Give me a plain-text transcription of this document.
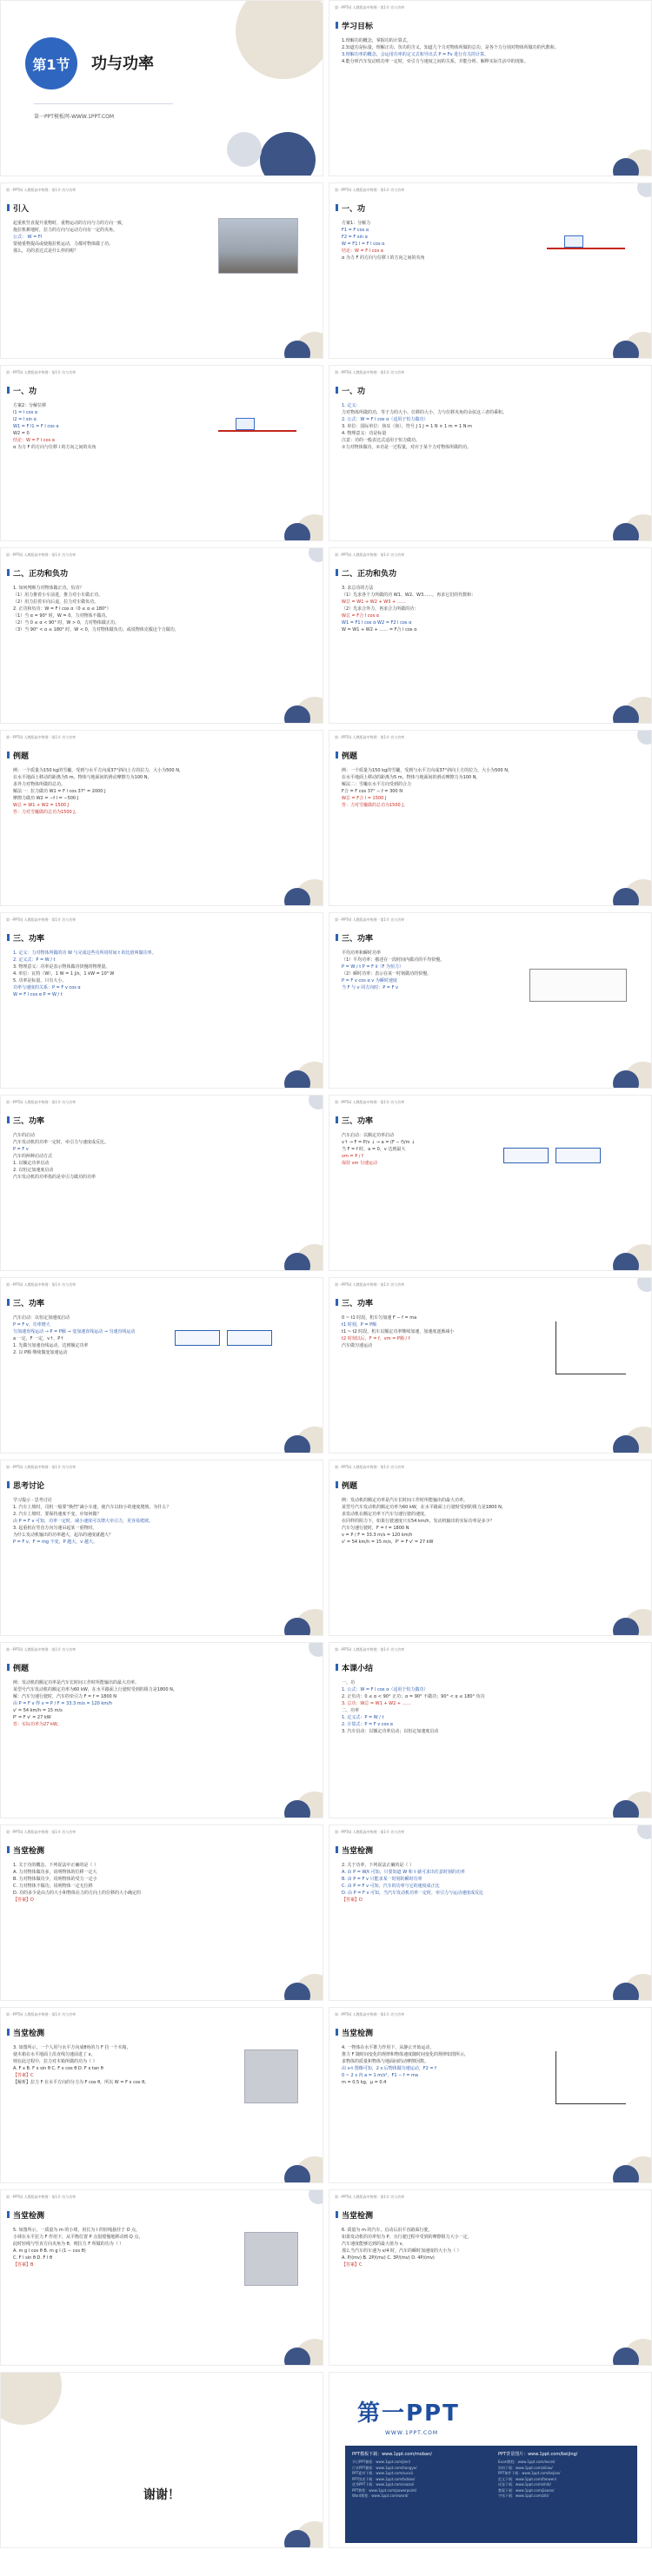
第1节	功与功率
第一PPT模板网-WWW.1PPT.COM
第一PPT网 人教版高中物理 · 第1节 功与功率
学习目标
1.理解功的概念，掌握功的计算式。
2.知道功是标量，理解正功、负功的含义，知道几个力对物体所做的总功，是各个力分别对物体所做功的代数和。
3.理解功率的概念，会运用功率的定义式和导出式 P = Fv 进行有关的计算。
4.能分析汽车发动机功率一定时，牵引力与速度之间的关系，并能分析、解释实际生活中的现象。
第一PPT网 人教版高中物理 · 第1节 功与功率
引入
起重机竖直提升重物时，重物运动的方向与力的方向一致，
拖拉机耕地时，拉力的方向与运动方向有一定的夹角。
公式： W = Fl
要使重物提高或使拖拉机运动，力都对物体做了功。
那么，功的表达式是什么样的呢？
第一PPT网 人教版高中物理 · 第1节 功与功率
一、功
方案1：分解力
F1 = F cos α
F2 = F sin α
W = F1 l = F l cos α
结论：W = F l cos α
α 为力 F 的方向与位移 l 的方向之间的夹角
第一PPT网 人教版高中物理 · 第1节 功与功率
一、功
方案2：分解位移
l1 = l cos α
l2 = l sin α
W1 = F l1 = F l cos α
W2 = 0
结论：W = F l cos α
α 为力 F 的方向与位移 l 的方向之间的夹角
第一PPT网 人教版高中物理 · 第1节 功与功率
一、功
1. 定义：
力对物体所做的功，等于力的大小、位移的大小、力与位移夹角的余弦这三者的乘积。
2. 公式：W = F l cos α（适用于恒力做功）
3. 单位：国际单位：焦耳（焦），符号 J 1 J = 1 N × 1 m = 1 N·m
4. 物理意义：功是标量
注意：功的一般表达式适用于恒力做功。
①力对物体做功，②功是一过程量，对应于某个力对物体所做的功。
第一PPT网 人教版高中物理 · 第1节 功与功率
二、正功和负功
1. 如何判断力对物体做正功、负功？
（1）用力推着小车前进，推力对小车做正功。
（2）用力拉着车向后退，拉力对车做负功。
2. 正功和负功：W = F l cos α（0 ≤ α ≤ 180°）
（1）当 α = 90° 时，W = 0，力对物体不做功。
（2）当 0 ≤ α < 90° 时，W > 0，力对物体做正功。
（3）当 90° < α ≤ 180° 时，W < 0，力对物体做负功，或说物体克服这个力做功。
第一PPT网 人教版高中物理 · 第1节 功与功率
二、正功和负功
3. 求总功的方法
（1）先求各个力所做的功 W1、W2、W3……，再求它们的代数和：
W总 = W1 + W2 + W3 + ……
（2）先求合外力，再求合力所做的功：
W总 = F合 l cos α
W1 = F1 l cos α W2 = F2 l cos α
W = W1 + W2 + …… = F合 l cos α
第一PPT网 人教版高中物理 · 第1节 功与功率
例题
例：一个质量为150 kg的雪橇，受到与水平方向成37°斜向上方的拉力，大小为500 N，
在水平地面上移动的距离为5 m。物体与地面间的滑动摩擦力为100 N。
求外力对物体所做的总功。
解法一：拉力做功 W1 = F l cos 37° = 2000 J
摩擦力做功 W2 = −f l = −500 J
W总 = W1 + W2 = 1500 J
答：力对雪橇做的总功为1500 J。
第一PPT网 人教版高中物理 · 第1节 功与功率
例题
例：一个质量为150 kg的雪橇，受到与水平方向成37°斜向上方的拉力，大小为500 N，
在水平地面上移动的距离为5 m。物体与地面间的滑动摩擦力为100 N。
解法二：雪橇在水平方向受到的合力
F合 = F cos 37° − f = 300 N
W总 = F合 l = 1500 J
答：力对雪橇做的总功为1500 J。
第一PPT网 人教版高中物理 · 第1节 功与功率
三、功率
1. 定义：力对物体所做的功 W 与完成这些功所用时间 t 的比值叫做功率。
2. 定义式：P = W / t
3. 物理意义：功率是表示物体做功快慢的物理量。
4. 单位：瓦特（W），1 W = 1 J/s，1 kW = 10³ W
5. 功率是标量，只有大小。
功率与速度的关系：P = F v cos α
W = F l cos α P = W / t
第一PPT网 人教版高中物理 · 第1节 功与功率
三、功率
平均功率和瞬时功率
（1）平均功率：描述在一段时间内做功的平均快慢。
P = W / t P = F v̄（F 为恒力）
（2）瞬时功率：表示在某一时刻做功的快慢。
P = F v cos α v 为瞬时速度
当 F 与 v 同方向时：P = F v
第一PPT网 人教版高中物理 · 第1节 功与功率
三、功率
汽车的启动
汽车发动机的功率一定时，牵引力与速度成反比。
P = F v
汽车的两种启动方式
1. 以额定功率启动
2. 以恒定加速度启动
汽车发动机的功率指的是牵引力做功的功率
第一PPT网 人教版高中物理 · 第1节 功与功率
三、功率
汽车启动：以额定功率启动
v↑ → F = P/v ↓ → a = (F − f)/m ↓
当 F = f 时，a = 0，v 达到最大
vm = P / f
保持 vm 匀速运动
第一PPT网 人教版高中物理 · 第1节 功与功率
三、功率
汽车启动：以恒定加速度启动
P = F v，功率增大
匀加速直线运动 → P = P额 → 变加速直线运动 → 匀速直线运动
a 一定，F 一定，v↑，P↑
1. 先做匀加速直线运动，达到额定功率
2. 以 P额 继续做变加速运动
第一PPT网 人教版高中物理 · 第1节 功与功率
三、功率
0 ~ t1 时段，机车匀加速 F − f = ma
t1 时刻，P = P额
t1 ~ t2 时段，机车以额定功率继续加速，加速度逐渐减小
t2 时刻以后，F = f，vm = P额 / f
汽车做匀速运动
第一PPT网 人教版高中物理 · 第1节 功与功率
思考讨论
学习提示 · 思考讨论
1. 汽车上坡时，司机一般要“换挡”减小车速，使汽车以较小的速度爬坡，为什么？
2. 汽车上坡时，要保持速度不变，应如何做？
由 P = F v 可知，功率一定时，减小速度可以增大牵引力，更容易爬坡。
3. 起重机在竖直方向匀速吊起某一重物时，
为什么发动机输出的功率越大，起吊的速度就越大？
P = F v，F = mg 不变，P 越大，v 越大。
第一PPT网 人教版高中物理 · 第1节 功与功率
例题
例：发动机的额定功率是汽车长时间工作时所能输出的最大功率。
某型号汽车发动机的额定功率为60 kW，在水平路面上行驶时受到的阻力是1800 N，
求发动机在额定功率下汽车匀速行驶的速度。
在同样的阻力下，如果行驶速度只有54 km/h，发动机输出的实际功率是多少？
汽车匀速行驶时，F = f = 1800 N
v = P / F = 33.3 m/s = 120 km/h
v' = 54 km/h = 15 m/s，P' = F v' = 27 kW
第一PPT网 人教版高中物理 · 第1节 功与功率
例题
例：发动机的额定功率是汽车长时间工作时所能输出的最大功率。
某型号汽车发动机的额定功率为60 kW，在水平路面上行驶时受到的阻力是1800 N。
解：汽车匀速行驶时，汽车的牵引力 F = f = 1800 N
由 P = F v 得 v = P / F = 33.3 m/s = 120 km/h
v' = 54 km/h = 15 m/s
P' = F v' = 27 kW
答：实际功率为27 kW。
第一PPT网 人教版高中物理 · 第1节 功与功率
本课小结
一、功
1. 公式：W = F l cos α（适用于恒力做功）
2. 正负功：0 ≤ α < 90° 正功；α = 90° 不做功；90° < α ≤ 180° 负功
3. 总功：W总 = W1 + W2 + ……
二、功率
1. 定义式：P = W / t
2. 计算式：P = F v cos α
3. 汽车启动：以额定功率启动；以恒定加速度启动
第一PPT网 人教版高中物理 · 第1节 功与功率
当堂检测
1. 关于功的概念，下列说法中正确的是（ ）
A. 力对物体做功多，说明物体的位移一定大
B. 力对物体做功少，说明物体的受力一定小
C. 力对物体不做功，说明物体一定无位移
D. 功的多少是由力的大小和物体在力的方向上的位移的大小确定的
【答案】D
第一PPT网 人教版高中物理 · 第1节 功与功率
当堂检测
2. 关于功率，下列说法正确的是（ ）
A. 由 P = W/t 可知，只要知道 W 和 t 就可求出任意时刻的功率
B. 由 P = F v 只能求某一时刻的瞬时功率
C. 由 P = F v 可知，汽车的功率与它的速度成正比
D. 由 P = F v 可知，当汽车发动机功率一定时，牵引力与运动速度成反比
【答案】D
第一PPT网 人教版高中物理 · 第1节 功与功率
当堂检测
3. 如图所示，一个人用与水平方向成θ角的力 F 拉一个木箱，
使木箱在水平地面上沿直线匀速前进了 x，
则在此过程中，拉力对木箱所做的功为（ ）
A. F x B. F x sin θ C. F x cos θ D. F x tan θ
【答案】C
【解析】拉力 F 在水平方向的分力为 F cos θ，所以 W = F x cos θ。
第一PPT网 人教版高中物理 · 第1节 功与功率
当堂检测
4. 一物体在水平推力作用下，从静止开始运动，
推力 F 随时间变化的规律和物体速度随时间变化的规律如图所示，
求物体的质量和物体与地面间的动摩擦因数。
由 v-t 图像可知，2 s 后物体做匀速运动，F2 = f
0 ~ 2 s 内 a = 1 m/s²，F1 − f = ma
m = 0.5 kg，μ = 0.4
第一PPT网 人教版高中物理 · 第1节 功与功率
当堂检测
5. 如图所示，一质量为 m 的小球，用长为 l 的轻绳悬挂于 O 点，
小球在水平拉力 F 作用下，从平衡位置 P 点很缓慢地移动到 Q 点，
此时轻绳与竖直方向夹角为 θ，则拉力 F 所做的功为（ ）
A. m g l cos θ B. m g l (1 − cos θ)
C. F l sin θ D. F l θ
【答案】B
第一PPT网 人教版高中物理 · 第1节 功与功率
当堂检测
6. 质量为 m 的汽车，启动后沿平直路面行驶，
如果发动机的功率恒为 P，且行驶过程中受到的摩擦阻力大小一定，
汽车速度能够达到的最大值为 v，
那么当汽车的车速为 v/4 时，汽车的瞬时加速度的大小为（ ）
A. P/(mv) B. 2P/(mv) C. 3P/(mv) D. 4P/(mv)
【答案】C
谢谢！
第一PPT
WWW.1PPT.COM
PPT模板下载：www.1ppt.com/moban/
节日PPT模板：www.1ppt.com/jieri/
行业PPT模板：www.1ppt.com/hangye/
PPT素材下载：www.1ppt.com/sucai/
PPT图表下载：www.1ppt.com/tubiao/
优秀PPT下载：www.1ppt.com/xiazai/
PPT教程：www.1ppt.com/powerpoint/
Word教程：www.1ppt.com/word/
PPT背景图片：www.1ppt.com/beijing/
Excel教程：www.1ppt.com/excel/
资料下载：www.1ppt.com/ziliao/
PPT课件下载：www.1ppt.com/kejian/
范文下载：www.1ppt.com/fanwen/
试卷下载：www.1ppt.com/shiti/
教案下载：www.1ppt.com/jiaoan/
字体下载：www.1ppt.com/ziti/
